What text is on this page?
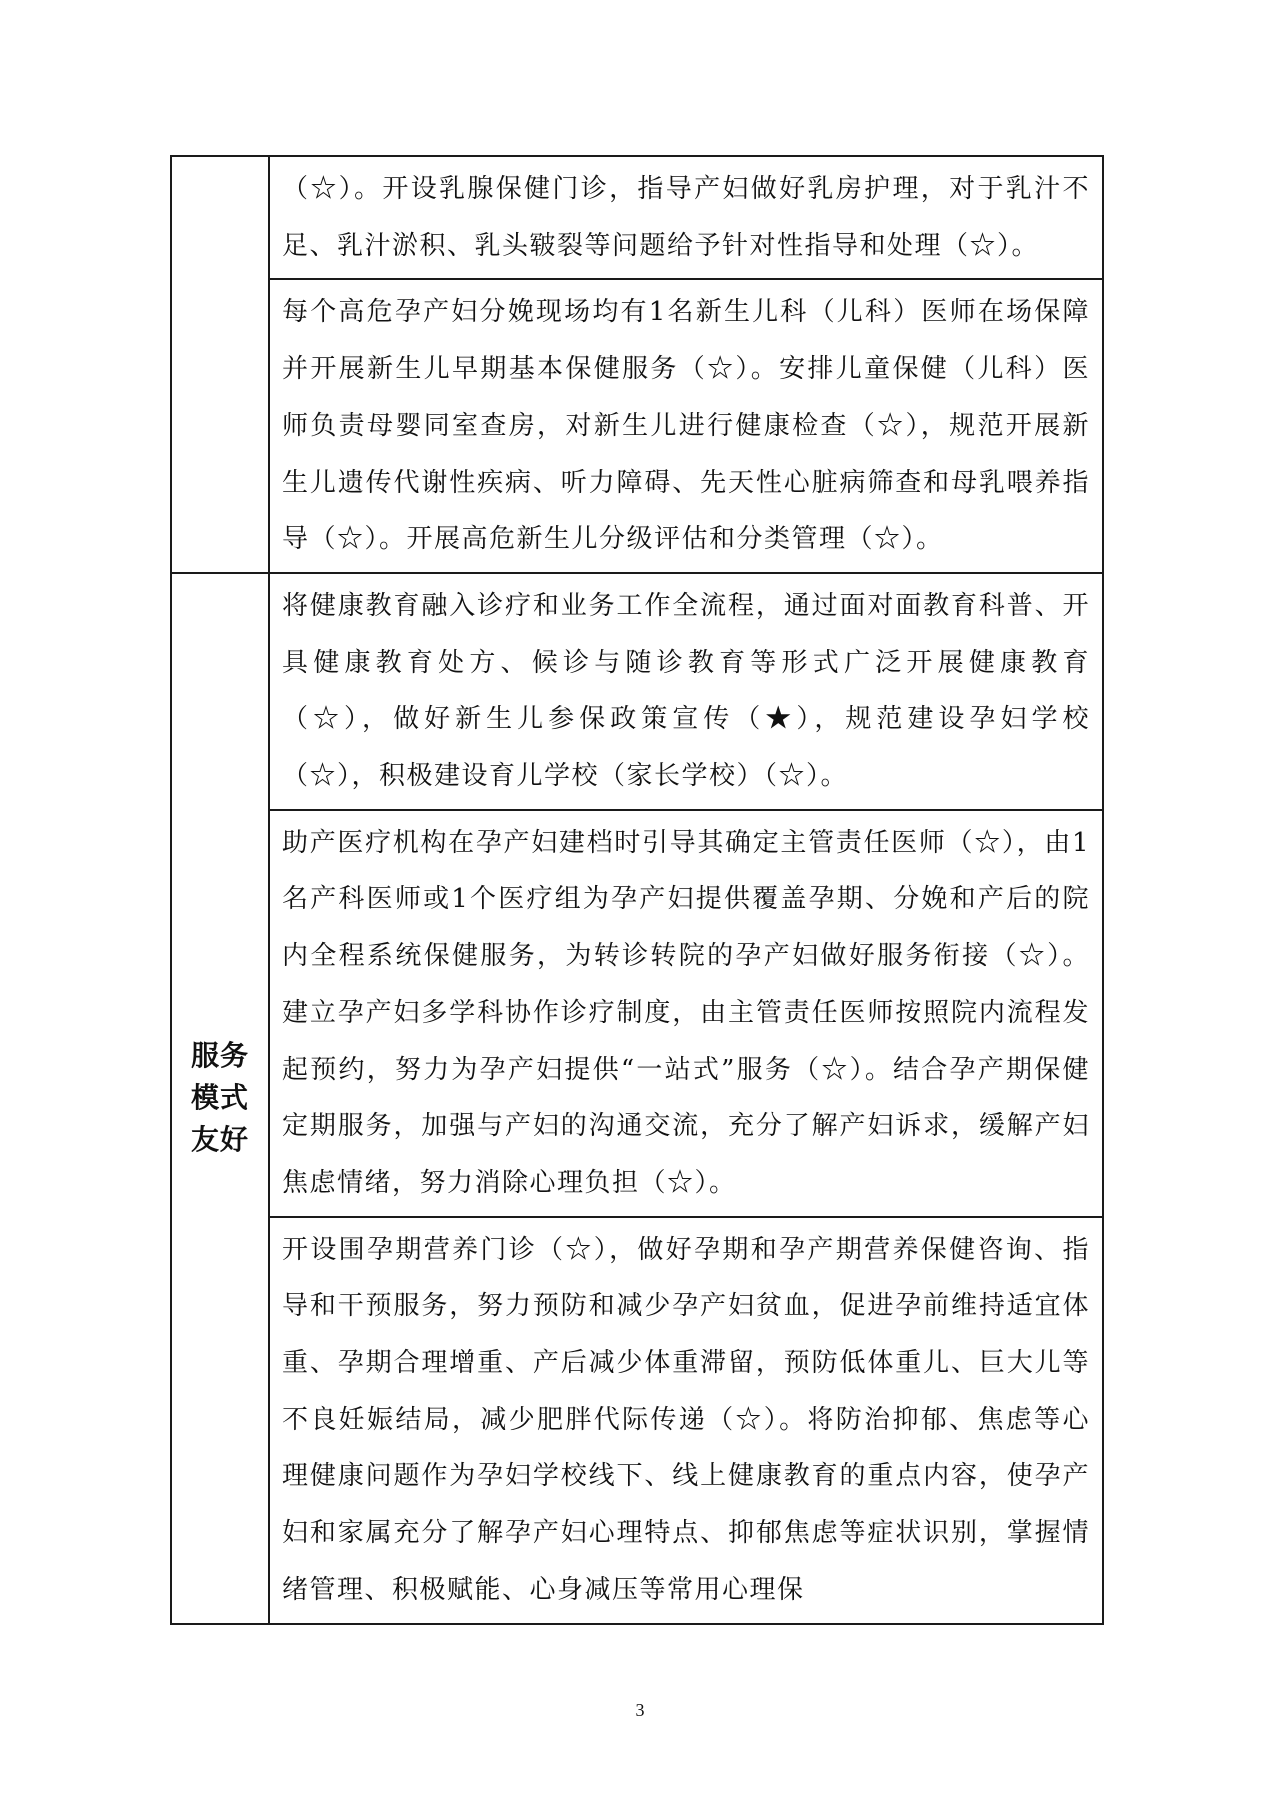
	（☆）。开设乳腺保健门诊，指导产妇做好乳房护理，对于乳汁不足、乳汁淤积、乳头皲裂等问题给予针对性指导和处理（☆）。

	每个高危孕产妇分娩现场均有1名新生儿科（儿科）医师在场保障并开展新生儿早期基本保健服务（☆）。安排儿童保健（儿科）医师负责母婴同室查房，对新生儿进行健康检查（☆），规范开展新生儿遗传代谢性疾病、听力障碍、先天性心脏病筛查和母乳喂养指导（☆）。开展高危新生儿分级评估和分类管理（☆）。

服务模式友好	将健康教育融入诊疗和业务工作全流程，通过面对面教育科普、开具健康教育处方、候诊与随诊教育等形式广泛开展健康教育（☆），做好新生儿参保政策宣传（★），规范建设孕妇学校（☆），积极建设育儿学校（家长学校）（☆）。

	助产医疗机构在孕产妇建档时引导其确定主管责任医师（☆），由1名产科医师或1个医疗组为孕产妇提供覆盖孕期、分娩和产后的院内全程系统保健服务，为转诊转院的孕产妇做好服务衔接（☆）。建立孕产妇多学科协作诊疗制度，由主管责任医师按照院内流程发起预约，努力为孕产妇提供“一站式”服务（☆）。结合孕产期保健定期服务，加强与产妇的沟通交流，充分了解产妇诉求，缓解产妇焦虑情绪，努力消除心理负担（☆）。

	开设围孕期营养门诊（☆），做好孕期和孕产期营养保健咨询、指导和干预服务，努力预防和减少孕产妇贫血，促进孕前维持适宜体重、孕期合理增重、产后减少体重滞留，预防低体重儿、巨大儿等不良妊娠结局，减少肥胖代际传递（☆）。将防治抑郁、焦虑等心理健康问题作为孕妇学校线下、线上健康教育的重点内容，使孕产妇和家属充分了解孕产妇心理特点、抑郁焦虑等症状识别，掌握情绪管理、积极赋能、心身减压等常用心理保
3
